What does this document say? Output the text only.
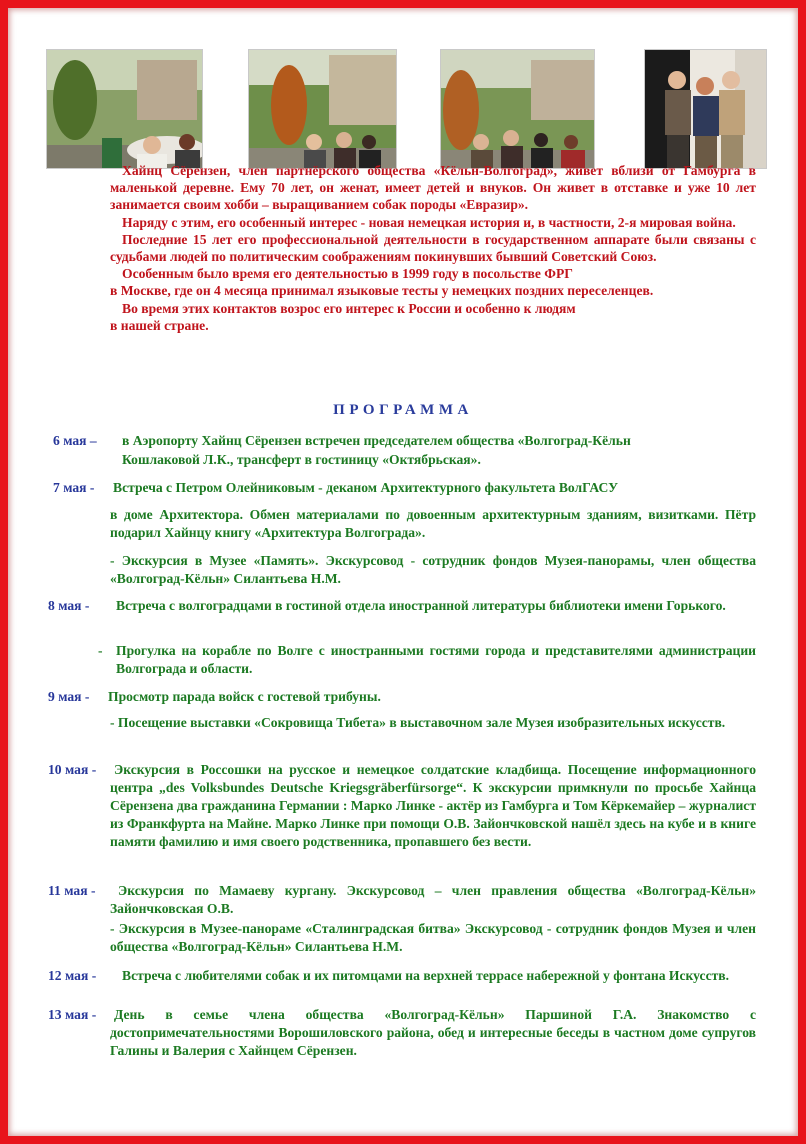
Хайнц Сёрензен, член партнёрского общества «Кёльн-Волгоград», живет вблизи от Гамбурга в маленькой деревне. Ему 70 лет, он женат, имеет детей и внуков. Он живет в отставке и уже 10 лет занимается своим хобби – выращиванием собак породы «Евразир».

Наряду с этим, его особенный интерес - новая немецкая история и, в частности, 2-я мировая война.

Последние 15 лет его профессиональной деятельности в государственном аппарате были связаны с судьбами людей по политическим соображениям покинувших бывший Советский Союз.

Особенным было время его деятельностью в 1999 году в посольстве ФРГ

в Москве, где он 4 месяца принимал языковые тесты у немецких поздних переселенцев.

Во время этих контактов возрос его интерес к России и особенно к людям

в нашей стране.

ПРОГРАММА
6 мая – в Аэропорту Хайнц Сёрензен встречен председателем общества «Волгоград-Кёльн
Кошлаковой Л.К., трансферт в гостиницу «Октябрьская».
7 мая - Встреча с Петром Олейниковым - деканом Архитектурного факультета ВолГАСУ
в доме Архитектора. Обмен материалами по довоенным архитектурным зданиям, визитками. Пётр подарил Хайнцу книгу «Архитектура Волгограда».
- Экскурсия в Музее «Память». Экскурсовод - сотрудник фондов Музея-панорамы, член общества «Волгоград-Кёльн» Силантьева Н.М.
8 мая - Встреча с волгоградцами в гостиной отдела иностранной литературы библиотеки имени Горького.
- Прогулка на корабле по Волге с иностранными гостями города и представителями администрации Волгограда и области.
9 мая - Просмотр парада войск с гостевой трибуны.
- Посещение выставки «Сокровища Тибета» в выставочном зале Музея изобразительных искусств.
10 мая - Экскурсия в Россошки на русское и немецкое солдатские кладбища. Посещение информационного центра „des Volksbundes Deutsche Kriegsgräberfürsorge“. К экскурсии примкнули по просьбе Хайнца Сёрензена два гражданина Германии : Марко Линке - актёр из Гамбурга и Том Кёркемайер – журналист из Франкфурта на Майне. Марко Линке при помощи О.В. Зайончковской нашёл здесь на кубе и в книге памяти фамилию и имя своего родственника, пропавшего без вести.
11 мая -	Экскурсия по Мамаеву кургану. Экскурсовод – член правления общества «Волгоград-Кёльн» Зайончковская О.В.
- Экскурсия в Музее-панораме «Сталинградская битва» Экскурсовод - сотрудник фондов Музея и член общества «Волгоград-Кёльн» Силантьева Н.М.
12 мая -	Встреча с любителями собак и их питомцами на верхней террасе набережной у фонтана Искусств.
13 мая - День в семье члена общества «Волгоград-Кёльн» Паршиной Г.А. Знакомство с достопримечательностями Ворошиловского района, обед и интересные беседы в частном доме супругов Галины и Валерия с Хайнцем Сёрензен.
